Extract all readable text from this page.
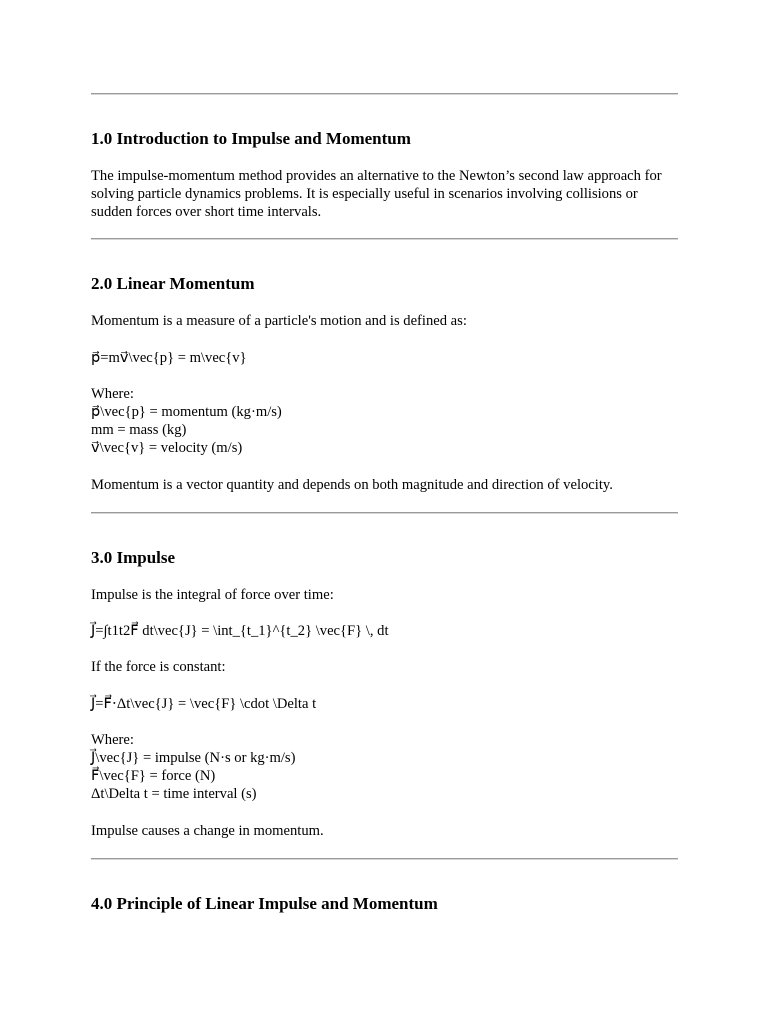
1.0 Introduction to Impulse and Momentum

The impulse-momentum method provides an alternative to the Newton’s second law approach for solving particle dynamics problems. It is especially useful in scenarios involving collisions or sudden forces over short time intervals.

2.0 Linear Momentum

Momentum is a measure of a particle's motion and is defined as:

p⃗=mv⃗\vec{p} = m\vec{v}

Where:
p⃗\vec{p} = momentum (kg·m/s)
mm = mass (kg)
v⃗\vec{v} = velocity (m/s)

Momentum is a vector quantity and depends on both magnitude and direction of velocity.

3.0 Impulse

Impulse is the integral of force over time:

J⃗=∫t1t2F⃗ dt\vec{J} = \int_{t_1}^{t_2} \vec{F} \, dt

If the force is constant:

J⃗=F⃗⋅Δt\vec{J} = \vec{F} \cdot \Delta t

Where:
J⃗\vec{J} = impulse (N·s or kg·m/s)
F⃗\vec{F} = force (N)
Δt\Delta t = time interval (s)

Impulse causes a change in momentum.

4.0 Principle of Linear Impulse and Momentum
